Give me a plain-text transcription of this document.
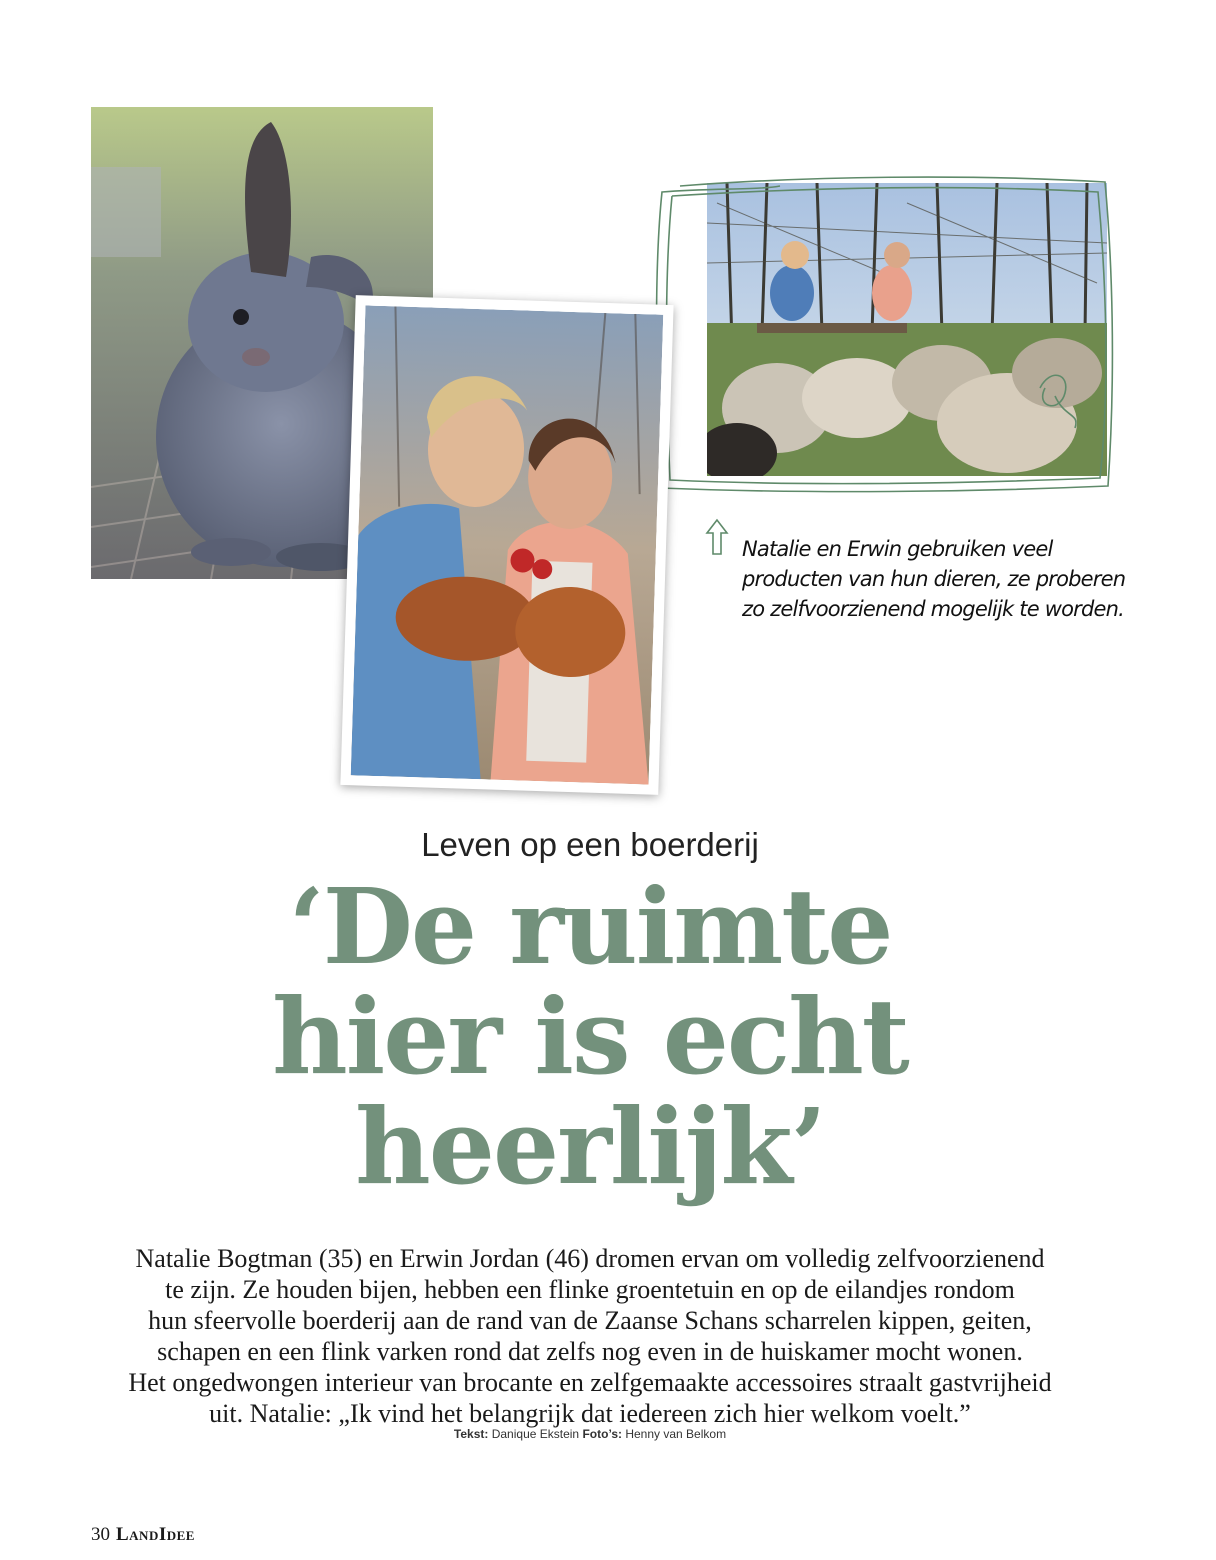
Natalie en Erwin gebruiken veel
producten van hun dieren, ze proberen
zo zelfvoorzienend mogelijk te worden.
Leven op een boerderij
‘De ruimte
hier is echt
heerlijk’
Natalie Bogtman (35) en Erwin Jordan (46) dromen ervan om volledig zelfvoorzienend
te zijn. Ze houden bijen, hebben een flinke groentetuin en op de eilandjes rondom
hun sfeervolle boerderij aan de rand van de Zaanse Schans scharrelen kippen, geiten,
schapen en een flink varken rond dat zelfs nog even in de huiskamer mocht wonen.
Het ongedwongen interieur van brocante en zelfgemaakte accessoires straalt gastvrijheid
uit. Natalie: „Ik vind het belangrijk dat iedereen zich hier welkom voelt.”
Tekst: Danique Ekstein Foto’s: Henny van Belkom
30 LandIdee
